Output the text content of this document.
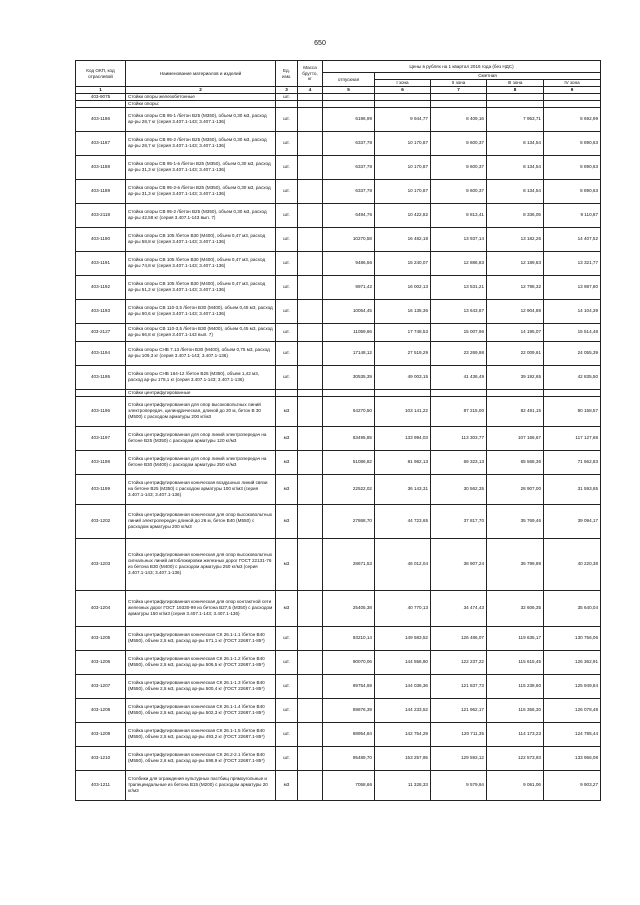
650
Код ОКП, код отраслевой	Наименование материалов и изделий	Ед. изм.	Масса брутто, кг	Цены в рублях на 1 квартал 2016 года (без НДС)				
				отпускная	Сметная			
					I зона	II зона	III зона	IV зона
1	2	3	4	5	6	7	8	9
403-9075	Стойки опоры железобетонные	шт.						
	Стойки опоры:							
403-1186	Стойка опоры СВ 95-1 /бетон B25 (M350), объем 0,30 м3, расход ар-ры 28,7 кг (серия 3.407.1-143; 3.407.1-136)	шт.		6196,99	9 944,77	8 409,16	7 953,71	8 692,99
403-1187	Стойка опоры СВ 95-2 /бетон B25 (M350), объем 0,30 м3, расход ар-ры 28,7 кг (серия 3.407.1-143; 3.407.1-136)	шт.		6337,78	10 170,87	8 600,37	8 134,54	8 890,63
403-1188	Стойка опоры СВ 95-1-в /бетон B25 (M350), объем 0,30 м3, расход ар-ры 31,3 кг (серия 3.407.1-143; 3.407.1-136)	шт.		6337,78	10 170,87	8 600,37	8 134,54	8 890,63
403-1189	Стойка опоры СВ 95-2-в /бетон B25 (M350), объем 0,30 м3, расход ар-ры 31,3 кг (серия 3.407.1-143; 3.407.1-136)	шт.		6337,78	10 170,87	8 600,37	8 134,54	8 890,63
403-2118	Стойка опоры СВ 95-2 /бетон B25 (M350), объем 0,30 м3, расход ар-ры 42,58 кг (серия 3.407.1-143 вып. 7)	шт.		6494,76	10 422,82	8 813,41	8 336,05	9 110,87
403-1190	Стойка опоры СВ 105 /бетон B30 (M400), объем 0,47 м3, расход ар-ры 58,8 кг (серия 3.407.1-143; 3.407.1-136)	шт.		10270,58	16 482,18	13 937,14	13 182,26	14 407,52
403-1191	Стойка опоры СВ 105 /бетон B30 (M400), объем 0,47 м3, расход ар-ры 74,8 кг (серия 3.407.1-143; 3.407.1-136)	шт.		9486,56	15 240,07	12 886,83	12 189,83	13 321,77
403-1192	Стойка опоры СВ 105 /бетон B30 (M400), объем 0,47 м3, расход ар-ры 51,2 кг (серия 3.407.1-143; 3.407.1-136)	шт.		9971,42	16 002,13	13 531,21	12 798,32	13 987,80
403-1193	Стойка опоры СВ 110-3,5 /бетон B30 (M400), объем 0,45 м3, расход ар-ры 60,6 кг (серия 3.407.1-143; 3.407.1-136)	шт.		10054,45	16 135,36	13 643,87	12 904,88	14 104,39
403-2127	Стойка опоры СВ 110-3,5 /бетон B30 (M400), объем 0,45 м3, расход ар-ры 66,8 кг (серия 3.407.1-143 вып. 7)	шт.		11059,66	17 748,53	15 007,96	14 195,07	15 514,48
403-1194	Стойка опоры СНВ 7.13 /бетон B30 (M400), объем 0,75 м3, расход ар-ры 109,3 кг (серия 3.407.1-143; 3.407.1-136)	шт.		17148,12	27 519,29	23 269,98	22 009,61	24 055,39
403-1195	Стойка опоры СНВ 164-12 /бетон B25 (M350), объем 1,42 м3, расход ар-ры 178,1 кг (серия 3.407.1-143; 3.407.1-136)	шт.		30535,39	49 003,15	41 436,49	39 192,65	42 835,50
	Стойки центрифугированные							
403-1196	Стойка центрифугированная для опор высоковольтных линий электропередач, цилиндрическая, длиной до 20 м, бетон В 30 (M500) с расходом арматуры 200 кг/м3	м3		64270,50	103 141,22	87 215,00	82 491,15	90 158,57
403-1197	Стойка центрифугированная для опор линий электропередач на бетоне B25 (M350) с расходом арматуры 120 кг/м3	м3		83495,85	133 994,03	113 303,77	107 166,67	117 127,68
403-1198	Стойка центрифугированная для опор линий электропередач на бетоне B30 (M400) с расходом арматуры 250 кг/м3	м3		51086,82	81 982,13	69 323,13	65 568,36	71 662,83
403-1199	Стойка центрифугированная коническая воздушных линий связи на бетоне B25 (M350) с расходом арматуры 100 кг/м3 (серия 3.407.1-143; 3.407.1-136)	м3		22522,02	36 143,31	30 562,35	28 907,00	31 593,65
403-1202	Стойка центрифугированная коническая для опор высоковольтных линий электропередач длиной до 26 м, бетон B40 (M550) с расходом арматуры 200 кг/м3	м3		27868,70	44 723,65	37 817,70	35 769,46	39 094,17
403-1203	Стойка центрифугированная коническая для опор высоковольтных сигнальных линий автоблокировки железных дорог ГОСТ 22131-76 из бетона B30 (M400) с расходом арматуры 250 кг/м3 (серия 3.407.1-143; 3.407.1-136)	м3		28671,53	46 012,04	38 907,24	36 799,89	40 220,38
403-1204	Стойка центрифугированная коническая для опор контактной сети железных дорог ГОСТ 19330-99 из бетона B27,5 (M350) с расходом арматуры 150 кг/м3 (серия 3.407.1-143; 3.407.1-136)	м3		25405,38	40 770,13	34 474,43	32 606,35	35 640,04
403-1205	Стойка центрифугированная коническая СК 26.1-1.1 /бетон B40 (M550), объем 2,5 м3, расход ар-ры 571,1 кг (ГОСТ 22687.1-85*)	шт.		93210,14	149 583,52	126 486,07	119 635,17	130 756,06
403-1206	Стойка центрифугированная коническая СК 26.1-1.2 /бетон B40 (M550), объем 2,5 м3, расход ар-ры 506,5 кг (ГОСТ 22687.1-85*)	шт.		90070,06	144 556,80	122 237,22	115 615,45	126 362,91
403-1207	Стойка центрифугированная коническая СК 26.1-1.3 /бетон B40 (M550), объем 2,5 м3, расход ар-ры 500,4 кг (ГОСТ 22687.1-85*)	шт.		89754,69	144 036,36	121 837,73	115 238,60	125 949,84
403-1208	Стойка центрифугированная коническая СК 26.1-1.4 /бетон B40 (M550), объем 2,5 м3, расход ар-ры 502,3 кг (ГОСТ 22687.1-85*)	шт.		89876,39	144 233,52	121 962,17	115 356,30	126 078,48
403-1209	Стойка центрифугированная коническая СК 26.1-1.5 /бетон B40 (M550), объем 2,5 м3, расход ар-ры 493,2 кг (ГОСТ 22687.1-85*)	шт.		88954,84	142 754,29	120 711,35	114 173,23	124 785,44
403-1210	Стойка центрифугированная коническая СК 26.2-2.1 /бетон B40 (M550), объем 2,6 м3, расход ар-ры 598,9 кг (ГОСТ 22687.1-85*)	шт.		95489,70	153 257,95	129 593,12	122 573,93	133 966,08
403-1211	Столбики для ограждения культурных пастбищ прямоугольные и трапецеидальные из бетона B15 (M200) с расходом арматуры 20 кг/м3	м3		7058,66	11 328,33	9 579,94	9 061,06	9 903,27
